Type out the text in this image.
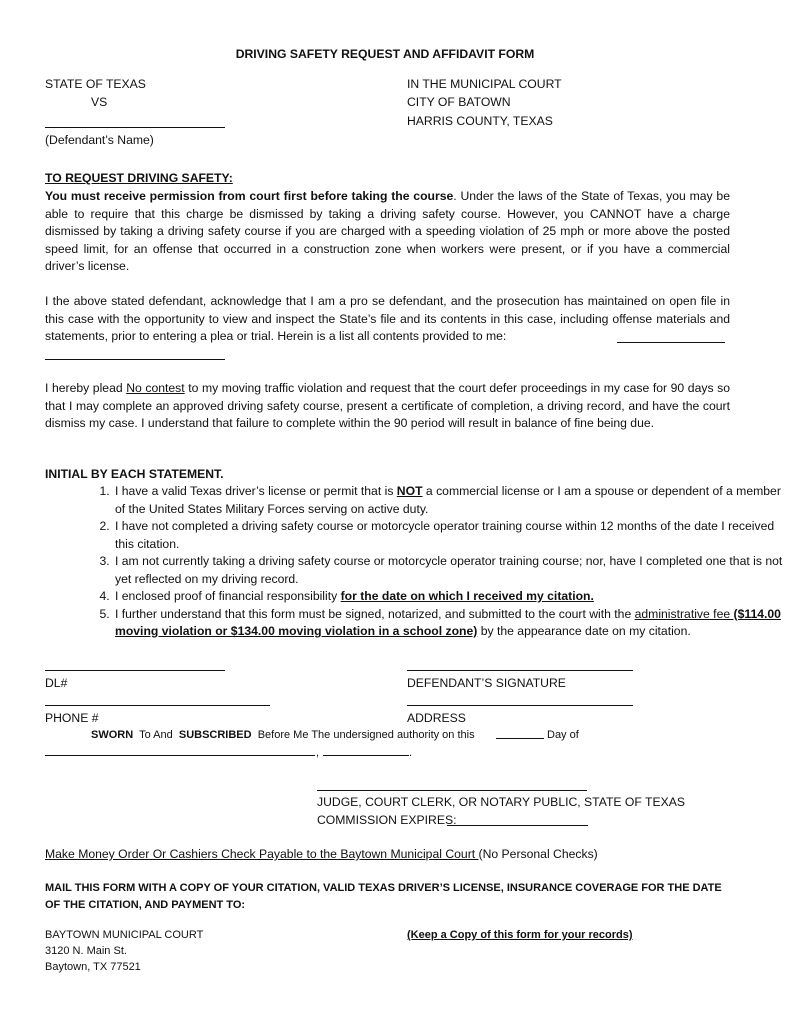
DRIVING SAFETY REQUEST AND AFFIDAVIT FORM
STATE OF TEXAS
VS
(Defendant’s Name)
IN THE MUNICIPAL COURT
CITY OF BATOWN
HARRIS COUNTY, TEXAS
TO REQUEST DRIVING SAFETY:

You must receive permission from court first before taking the course. Under the laws of the State of Texas, you may be able to require that this charge be dismissed by taking a driving safety course. However, you CANNOT have a charge dismissed by taking a driving safety course if you are charged with a speeding violation of 25 mph or more above the posted speed limit, for an offense that occurred in a construction zone when workers were present, or if you have a commercial driver’s license.

I the above stated defendant, acknowledge that I am a pro se defendant, and the prosecution has maintained on open file in this case with the opportunity to view and inspect the State’s file and its contents in this case, including offense materials and statements, prior to entering a plea or trial. Herein is a list all contents provided to me:

I hereby plead No contest to my moving traffic violation and request that the court defer proceedings in my case for 90 days so that I may complete an approved driving safety course, present a certificate of completion, a driving record, and have the court dismiss my case. I understand that failure to complete within the 90 period will result in balance of fine being due.

INITIAL BY EACH STATEMENT.
1. I have a valid Texas driver’s license or permit that is NOT a commercial license or I am a spouse or dependent of a member of the United States Military Forces serving on active duty.
2. I have not completed a driving safety course or motorcycle operator training course within 12 months of the date I received this citation.
3. I am not currently taking a driving safety course or motorcycle operator training course; nor, have I completed one that is not yet reflected on my driving record.
4. I enclosed proof of financial responsibility for the date on which I received my citation.
5. I further understand that this form must be signed, notarized, and submitted to the court with the administrative fee ($114.00 moving violation or $134.00 moving violation in a school zone) by the appearance date on my citation.
DL#	DEFENDANT’S SIGNATURE
PHONE #	ADDRESS
SWORN To And SUBSCRIBED Before Me The undersigned authority on this	Day of
,	.
JUDGE, COURT CLERK, OR NOTARY PUBLIC, STATE OF TEXAS
COMMISSION EXPIRES:
Make Money Order Or Cashiers Check Payable to the Baytown Municipal Court (No Personal Checks)
MAIL THIS FORM WITH A COPY OF YOUR CITATION, VALID TEXAS DRIVER’S LICENSE, INSURANCE COVERAGE FOR THE DATE OF THE CITATION, AND PAYMENT TO:
BAYTOWN MUNICIPAL COURT
3120 N. Main St.
Baytown, TX 77521
(Keep a Copy of this form for your records)
